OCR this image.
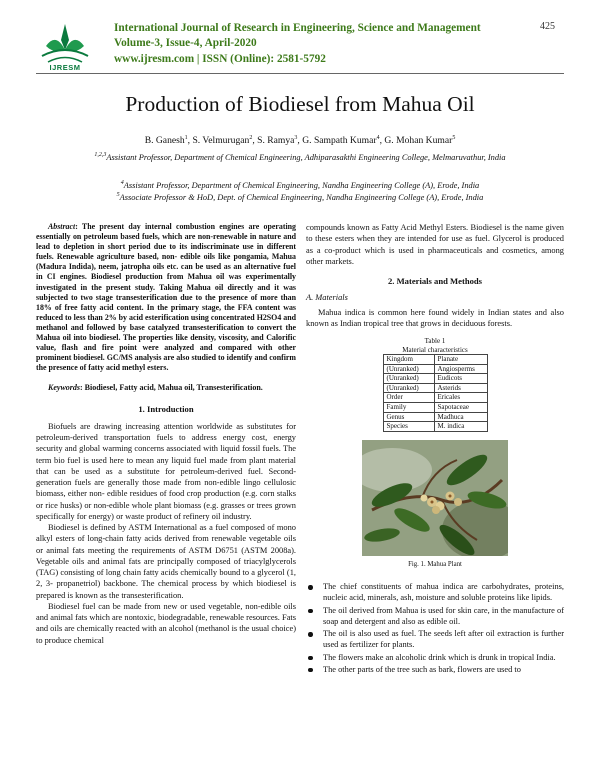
IJRESM
International Journal of Research in Engineering, Science and Management
Volume-3, Issue-4, April-2020
www.ijresm.com | ISSN (Online): 2581-5792
425
Production of Biodiesel from Mahua Oil
B. Ganesh$^1$, S. Velmurugan$^2$, S. Ramya$^3$, G. Sampath Kumar$^4$, G. Mohan Kumar$^5$
$^{1,2,3}$Assistant Professor, Department of Chemical Engineering, Adhiparasakthi Engineering College, Melmaruvathur, India
$^4$Assistant Professor, Department of Chemical Engineering, Nandha Engineering College (A), Erode, India
$^5$Associate Professor & HoD, Dept. of Chemical Engineering, Nandha Engineering College (A), Erode, India

Abstract: The present day internal combustion engines are operating essentially on petroleum based fuels, which are non-renewable in nature and lead to depletion in short period due to its indiscriminate use in different fuels. Renewable agriculture based, non- edible oils like pongamia, Mahua (Madura Indida), neem, jatropha oils etc. can be used as an alternative fuel in CI engines. Biodiesel production from Mahua oil was experimentally investigated in the present study. Taking Mahua oil directly and it was subjected to two stage transesterification due to the presence of more than 18% of free fatty acid content. In the primary stage, the FFA content was reduced to less than 2% by acid esterification using concentrated H2SO4 and methanol and followed by base catalyzed transesterification to convert the Mahua oil into biodiesel. The properties like density, viscosity, and Calorific value, flash and fire point were analyzed and compared with other prominent biodiesel. GC/MS analysis are also studied to identify and confirm the presence of fatty acid methyl esters.

Keywords: Biodiesel, Fatty acid, Mahua oil, Transesterification.

1. Introduction

Biofuels are drawing increasing attention worldwide as substitutes for petroleum-derived transportation fuels to address energy cost, energy security and global warming concerns associated with liquid fossil fuels. The term bio fuel is used here to mean any liquid fuel made from plant material that can be used as a substitute for petroleum-derived fuel. Second-generation fuels are generally those made from non-edible lingo cellulosic biomass, either non- edible residues of food crop production (e.g. corn stalks or rice husks) or non-edible whole plant biomass (e.g. grasses or trees grown specifically for energy) or waste product of refinery oil industry.

Biodiesel is defined by ASTM International as a fuel composed of mono alkyl esters of long-chain fatty acids derived from renewable vegetable oils or animal fats meeting the requirements of ASTM D6751 (ASTM 2008a). Vegetable oils and animal fats are principally composed of triacylglycerols (TAG) consisting of long chain fatty acids chemically bound to a glycerol (1, 2, 3- propanetriol) backbone. The chemical process by which biodiesel is prepared is known as the transesterification.

Biodiesel fuel can be made from new or used vegetable, non-edible oils and animal fats which are nontoxic, biodegradable, renewable resources. Fats and oils are chemically reacted with an alcohol (methanol is the usual choice) to produce chemical

compounds known as Fatty Acid Methyl Esters. Biodiesel is the name given to these esters when they are intended for use as fuel. Glycerol is produced as a co-product which is used in pharmaceuticals and cosmetics, among other markets.

2. Materials and Methods
A. Materials

Mahua indica is common here found widely in Indian states and also known as Indian tropical tree that grows in deciduous forests.

Table 1
Material characteristics
Kingdom	Planate
(Unranked)	Angiosperms
(Unranked)	Eudicots
(Unranked)	Asterids
Order	Ericales
Family	Sapotaceae
Genus	Madhuca
Species	M. indica
Fig. 1. Mahua Plant
The chief constituents of mahua indica are carbohydrates, proteins, nucleic acid, minerals, ash, moisture and soluble proteins like lipids.
The oil derived from Mahua is used for skin care, in the manufacture of soap and detergent and also as edible oil.
The oil is also used as fuel. The seeds left after oil extraction is further used as fertilizer for plants.
The flowers make an alcoholic drink which is drunk in tropical India.
The other parts of the tree such as bark, flowers are used to
